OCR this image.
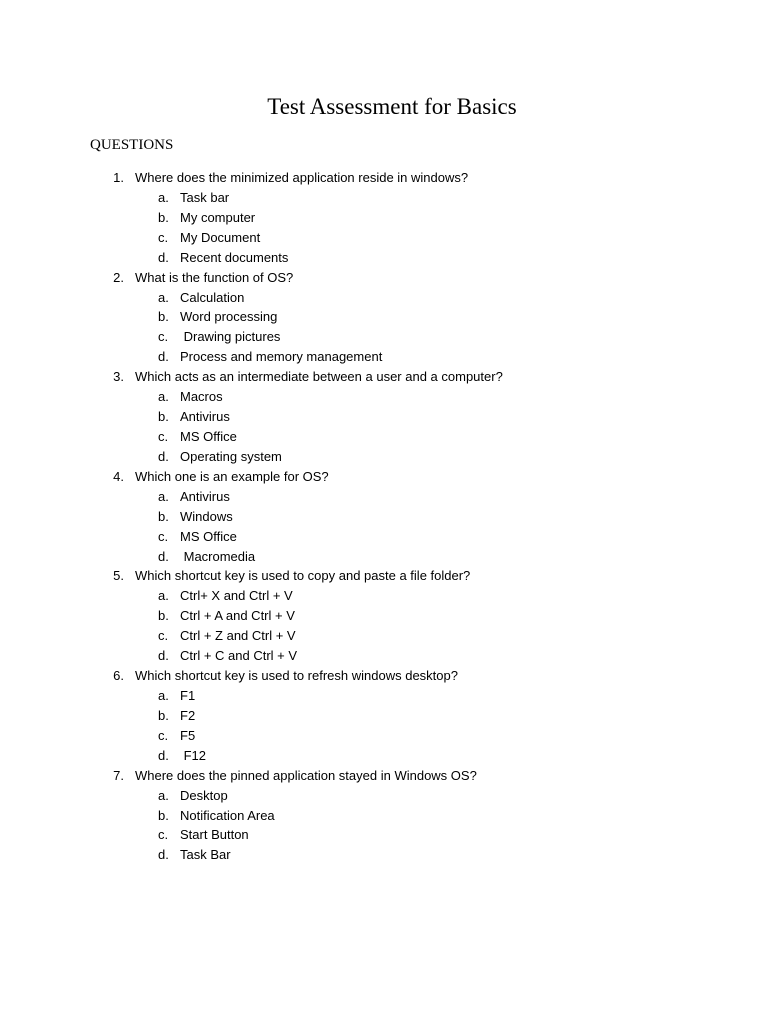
Test Assessment for Basics
QUESTIONS
1. Where does the minimized application reside in windows?
a. Task bar
b. My computer
c. My Document
d. Recent documents
2. What is the function of OS?
a. Calculation
b. Word processing
c. Drawing pictures
d. Process and memory management
3. Which acts as an intermediate between a user and a computer?
a. Macros
b. Antivirus
c. MS Office
d. Operating system
4. Which one is an example for OS?
a. Antivirus
b. Windows
c. MS Office
d. Macromedia
5. Which shortcut key is used to copy and paste a file folder?
a. Ctrl+ X and Ctrl + V
b. Ctrl + A and Ctrl + V
c. Ctrl + Z and Ctrl + V
d. Ctrl + C and Ctrl + V
6. Which shortcut key is used to refresh windows desktop?
a. F1
b. F2
c. F5
d. F12
7. Where does the pinned application stayed in Windows OS?
a. Desktop
b. Notification Area
c. Start Button
d. Task Bar
